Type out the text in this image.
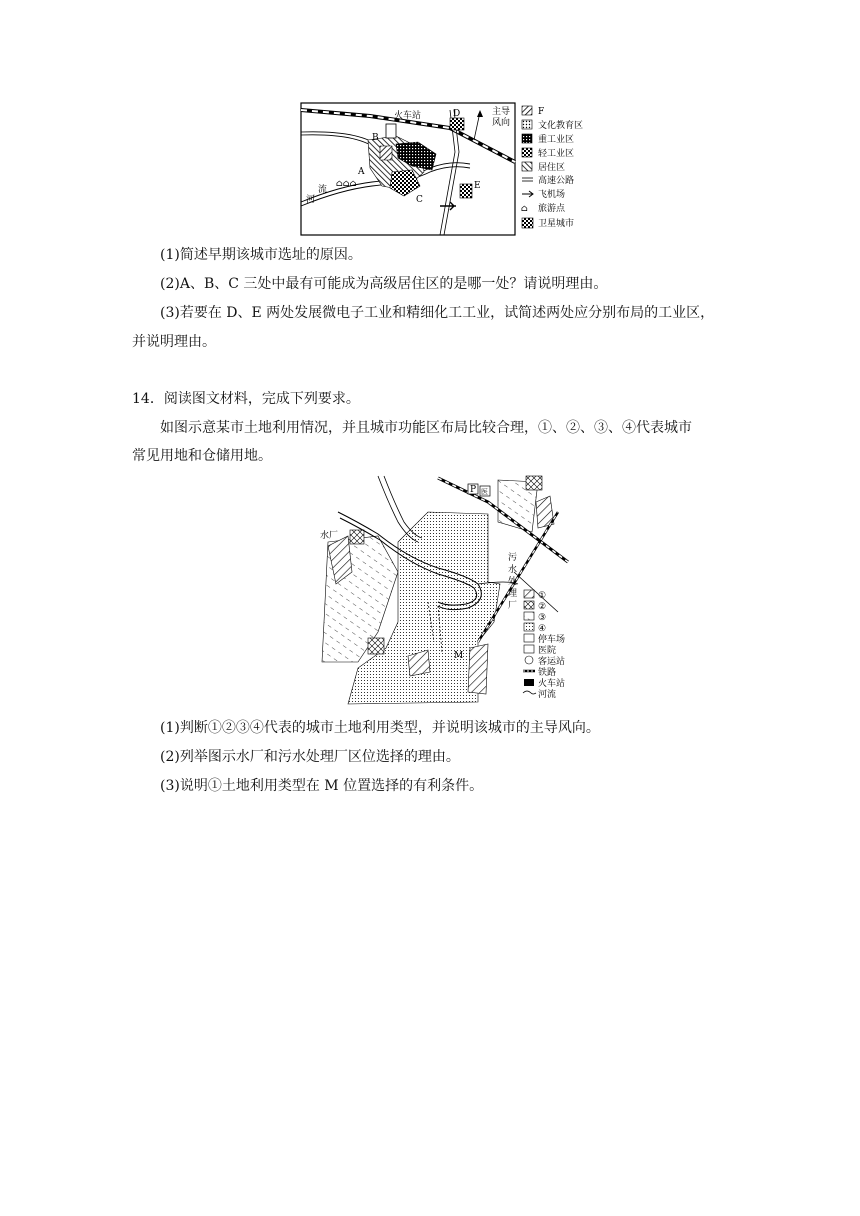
⌂⌂⌂
火车站	主导
风向
B
A
C
D
E
河
流
F
文化教育区
重工业区
轻工业区
居住区
高速公路
飞机场
⌂ 旅游点
卫星城市
(1)简述早期该城市选址的原因。
(2)A、B、C 三处中最有可能成为高级居住区的是哪一处？请说明理由。
(3)若要在 D、E 两处发展微电子工业和精细化工工业，试简述两处应分别布局的工业区，
并说明理由。
14．阅读图文材料，完成下列要求。
如图示意某市土地利用情况，并且城市功能区布局比较合理，①、②、③、④代表城市
常见用地和仓储用地。
P 医
水厂
污
水
处
理
厂
M
①
②
③
④
停车场
医院
客运站
铁路
火车站
河流
(1)判断①②③④代表的城市土地利用类型，并说明该城市的主导风向。
(2)列举图示水厂和污水处理厂区位选择的理由。
(3)说明①土地利用类型在 M 位置选择的有利条件。
